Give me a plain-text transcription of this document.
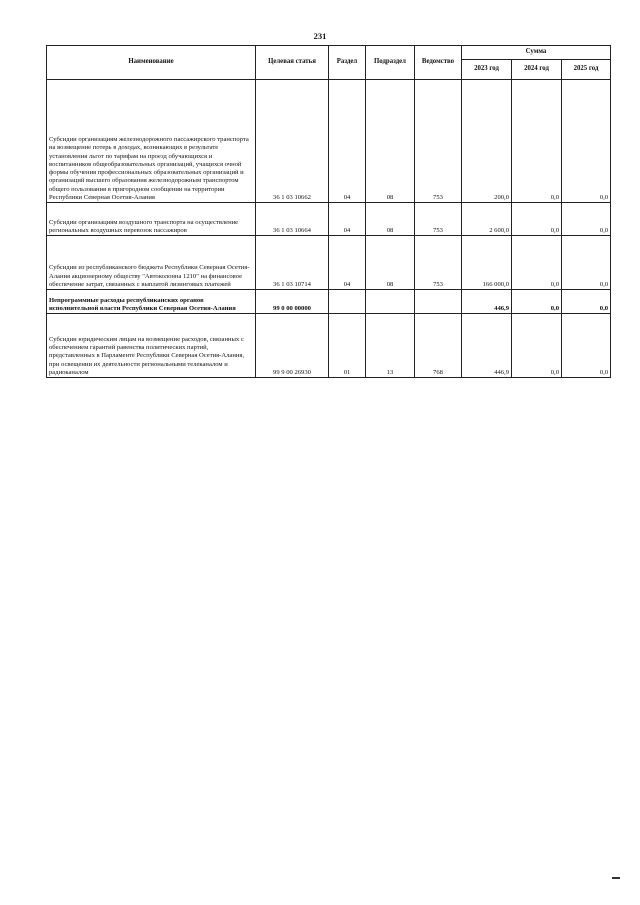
231
Наименование	Целевая статья	Раздел	Подраздел	Ведомство	Сумма		
					2023 год	2024 год	2025 год
Субсидии организациям железнодорожного пассажирского транспорта на возмещение потерь в доходах, возникающих в результате установления льгот по тарифам на проезд обучающихся и воспитанников общеобразовательных организаций, учащихся очной формы обучения профессиональных образовательных организаций и организаций высшего образования железнодорожным транспортом общего пользования в пригородном сообщении на территории Республики Северная Осетия-Алания	36 1 03 10662	04	08	753	200,0	0,0	0,0
Субсидии организациям воздушного транспорта на осуществление региональных воздушных перевозок пассажиров	36 1 03 10664	04	08	753	2 600,0	0,0	0,0
Субсидии из республиканского бюджета Республики Северная Осетия-Алания акционерному обществу "Автоколонна 1210" на финансовое обеспечение затрат, связанных с выплатой лизинговых платежей	36 1 03 10714	04	08	753	166 000,0	0,0	0,0
Непрограммные расходы республиканских органов исполнительной власти Республики Северная Осетия-Алания	99 0 00 00000				446,9	0,0	0,0
Субсидии юридическим лицам на возмещение расходов, связанных с обеспечением гарантий равенства политических партий, представленных в Парламенте Республики Северная Осетия-Алания, при освещении их деятельности региональными телеканалом и радиоканалом	99 9 00 26930	01	13	768	446,9	0,0	0,0
